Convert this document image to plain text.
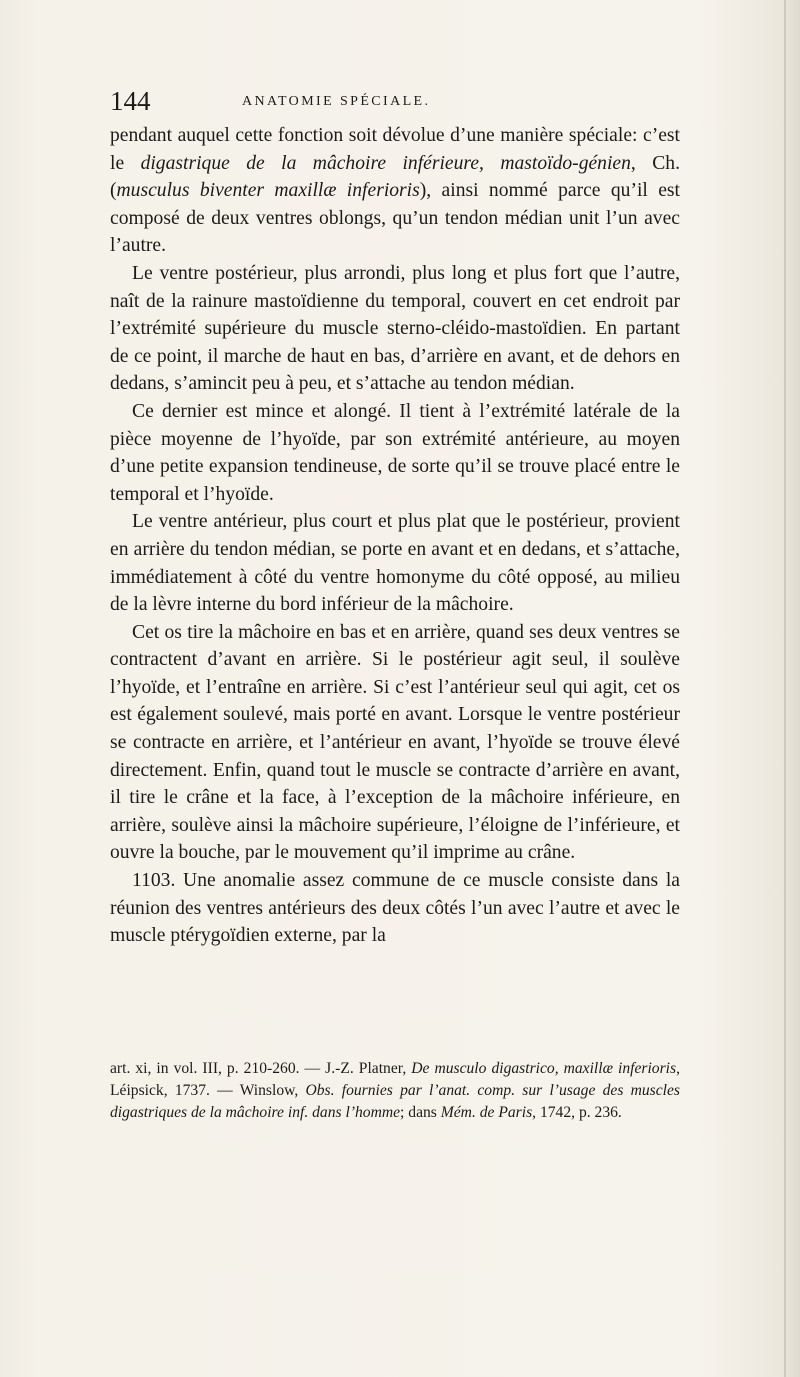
144	ANATOMIE SPÉCIALE.

pendant auquel cette fonction soit dévolue d’une manière spéciale: c’est le digastrique de la mâchoire inférieure, mastoïdo-génien, Ch. (musculus biventer maxillæ inferioris), ainsi nommé parce qu’il est composé de deux ventres oblongs, qu’un tendon médian unit l’un avec l’autre.

Le ventre postérieur, plus arrondi, plus long et plus fort que l’autre, naît de la rainure mastoïdienne du temporal, couvert en cet endroit par l’extrémité supérieure du muscle sterno-cléido-mastoïdien. En partant de ce point, il marche de haut en bas, d’arrière en avant, et de dehors en dedans, s’amincit peu à peu, et s’attache au tendon médian.

Ce dernier est mince et alongé. Il tient à l’extrémité latérale de la pièce moyenne de l’hyoïde, par son extrémité antérieure, au moyen d’une petite expansion tendineuse, de sorte qu’il se trouve placé entre le temporal et l’hyoïde.

Le ventre antérieur, plus court et plus plat que le postérieur, provient en arrière du tendon médian, se porte en avant et en dedans, et s’attache, immédiatement à côté du ventre homonyme du côté opposé, au milieu de la lèvre interne du bord inférieur de la mâchoire.

Cet os tire la mâchoire en bas et en arrière, quand ses deux ventres se contractent d’avant en arrière. Si le postérieur agit seul, il soulève l’hyoïde, et l’entraîne en arrière. Si c’est l’antérieur seul qui agit, cet os est également soulevé, mais porté en avant. Lorsque le ventre postérieur se contracte en arrière, et l’antérieur en avant, l’hyoïde se trouve élevé directement. Enfin, quand tout le muscle se contracte d’arrière en avant, il tire le crâne et la face, à l’exception de la mâchoire inférieure, en arrière, soulève ainsi la mâchoire supérieure, l’éloigne de l’inférieure, et ouvre la bouche, par le mouvement qu’il imprime au crâne.

1103. Une anomalie assez commune de ce muscle consiste dans la réunion des ventres antérieurs des deux côtés l’un avec l’autre et avec le muscle ptérygoïdien externe, par la

art. xi, in vol. III, p. 210-260. — J.-Z. Platner, De musculo digastrico, maxillæ inferioris, Léipsick, 1737. — Winslow, Obs. fournies par l’anat. comp. sur l’usage des muscles digastriques de la mâchoire inf. dans l’homme; dans Mém. de Paris, 1742, p. 236.
